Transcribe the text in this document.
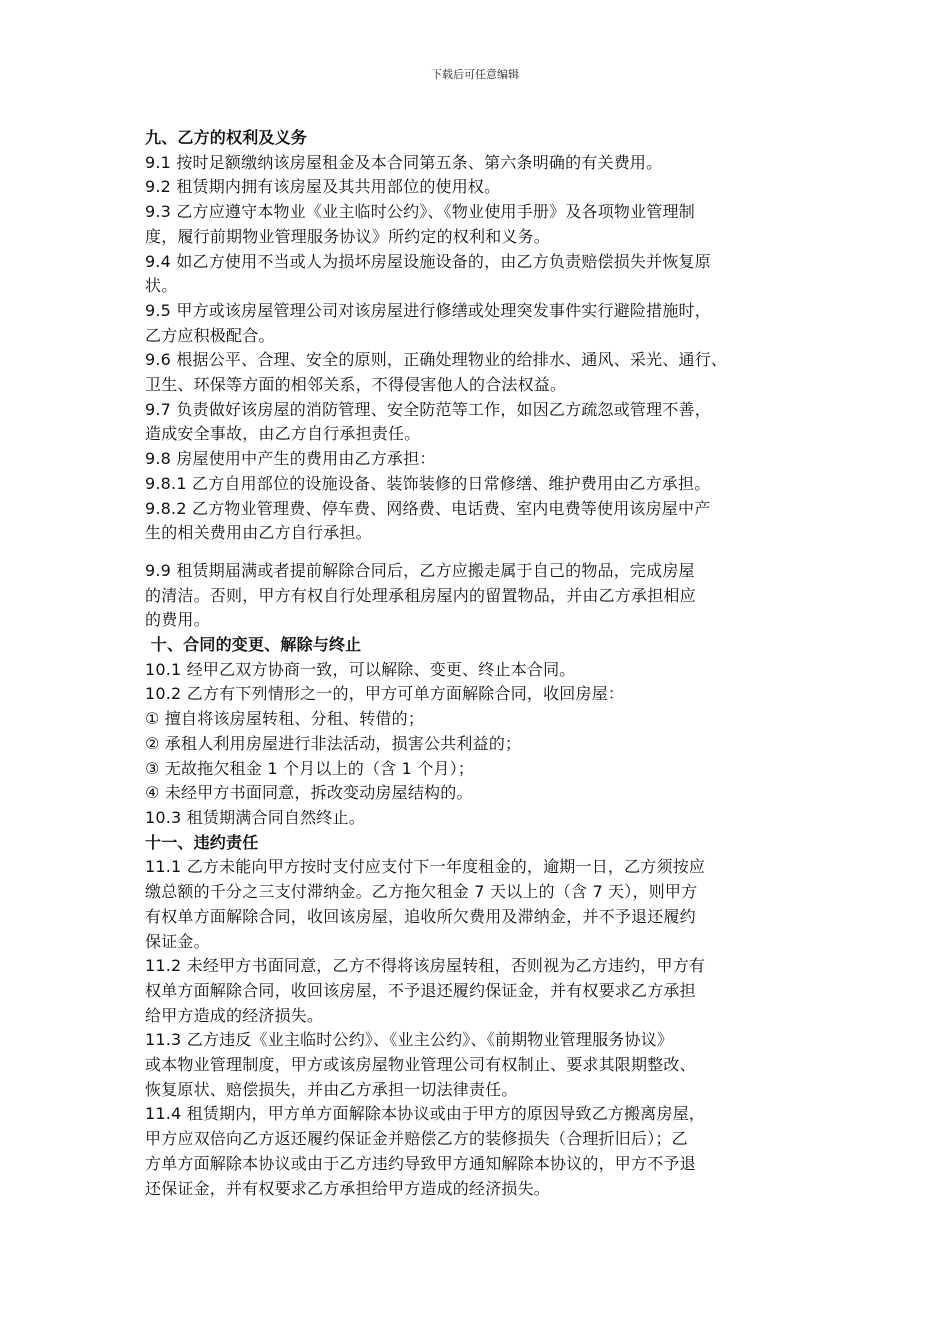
下载后可任意编辑
九、乙方的权利及义务
9.1 按时足额缴纳该房屋租金及本合同第五条、第六条明确的有关费用。
9.2 租赁期内拥有该房屋及其共用部位的使用权。
9.3 乙方应遵守本物业《业主临时公约》、《物业使用手册》及各项物业管理制
度，履行前期物业管理服务协议》所约定的权利和义务。
9.4 如乙方使用不当或人为损坏房屋设施设备的，由乙方负责赔偿损失并恢复原
状。
9.5 甲方或该房屋管理公司对该房屋进行修缮或处理突发事件实行避险措施时，
乙方应积极配合。
9.6 根据公平、合理、安全的原则，正确处理物业的给排水、通风、采光、通行、
卫生、环保等方面的相邻关系，不得侵害他人的合法权益。
9.7 负责做好该房屋的消防管理、安全防范等工作，如因乙方疏忽或管理不善，
造成安全事故，由乙方自行承担责任。
9.8 房屋使用中产生的费用由乙方承担：
9.8.1 乙方自用部位的设施设备、装饰装修的日常修缮、维护费用由乙方承担。
9.8.2 乙方物业管理费、停车费、网络费、电话费、室内电费等使用该房屋中产
生的相关费用由乙方自行承担。
9.9 租赁期届满或者提前解除合同后，乙方应搬走属于自己的物品，完成房屋
的清洁。否则，甲方有权自行处理承租房屋内的留置物品，并由乙方承担相应
的费用。
十、合同的变更、解除与终止
10.1 经甲乙双方协商一致，可以解除、变更、终止本合同。
10.2 乙方有下列情形之一的，甲方可单方面解除合同，收回房屋：
① 擅自将该房屋转租、分租、转借的；
② 承租人利用房屋进行非法活动，损害公共利益的；
③ 无故拖欠租金 1 个月以上的（含 1 个月）；
④ 未经甲方书面同意，拆改变动房屋结构的。
10.3 租赁期满合同自然终止。
十一、违约责任
11.1 乙方未能向甲方按时支付应支付下一年度租金的，逾期一日，乙方须按应
缴总额的千分之三支付滞纳金。乙方拖欠租金 7 天以上的（含 7 天），则甲方
有权单方面解除合同，收回该房屋，追收所欠费用及滞纳金，并不予退还履约
保证金。
11.2 未经甲方书面同意，乙方不得将该房屋转租，否则视为乙方违约，甲方有
权单方面解除合同，收回该房屋，不予退还履约保证金，并有权要求乙方承担
给甲方造成的经济损失。
11.3 乙方违反《业主临时公约》、《业主公约》、《前期物业管理服务协议》
或本物业管理制度，甲方或该房屋物业管理公司有权制止、要求其限期整改、
恢复原状、赔偿损失，并由乙方承担一切法律责任。
11.4 租赁期内，甲方单方面解除本协议或由于甲方的原因导致乙方搬离房屋，
甲方应双倍向乙方返还履约保证金并赔偿乙方的装修损失（合理折旧后）；乙
方单方面解除本协议或由于乙方违约导致甲方通知解除本协议的，甲方不予退
还保证金，并有权要求乙方承担给甲方造成的经济损失。
